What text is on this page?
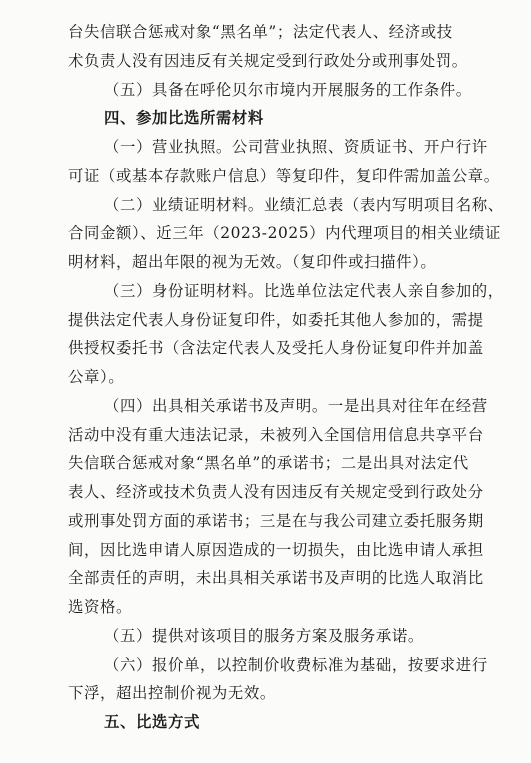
台失信联合惩戒对象“黑名单”；法定代表人、经济或技
术负责人没有因违反有关规定受到行政处分或刑事处罚。
（五）具备在呼伦贝尔市境内开展服务的工作条件。
四、参加比选所需材料
（一）营业执照。公司营业执照、资质证书、开户行许
可证（或基本存款账户信息）等复印件，复印件需加盖公章。
（二）业绩证明材料。业绩汇总表（表内写明项目名称、
合同金额）、近三年（2023-2025）内代理项目的相关业绩证
明材料，超出年限的视为无效。（复印件或扫描件）。
（三）身份证明材料。比选单位法定代表人亲自参加的，
提供法定代表人身份证复印件，如委托其他人参加的，需提
供授权委托书（含法定代表人及受托人身份证复印件并加盖
公章）。
（四）出具相关承诺书及声明。一是出具对往年在经营
活动中没有重大违法记录，未被列入全国信用信息共享平台
失信联合惩戒对象“黑名单”的承诺书；二是出具对法定代
表人、经济或技术负责人没有因违反有关规定受到行政处分
或刑事处罚方面的承诺书；三是在与我公司建立委托服务期
间，因比选申请人原因造成的一切损失，由比选申请人承担
全部责任的声明，未出具相关承诺书及声明的比选人取消比
选资格。
（五）提供对该项目的服务方案及服务承诺。
（六）报价单，以控制价收费标准为基础，按要求进行
下浮，超出控制价视为无效。
五、比选方式
